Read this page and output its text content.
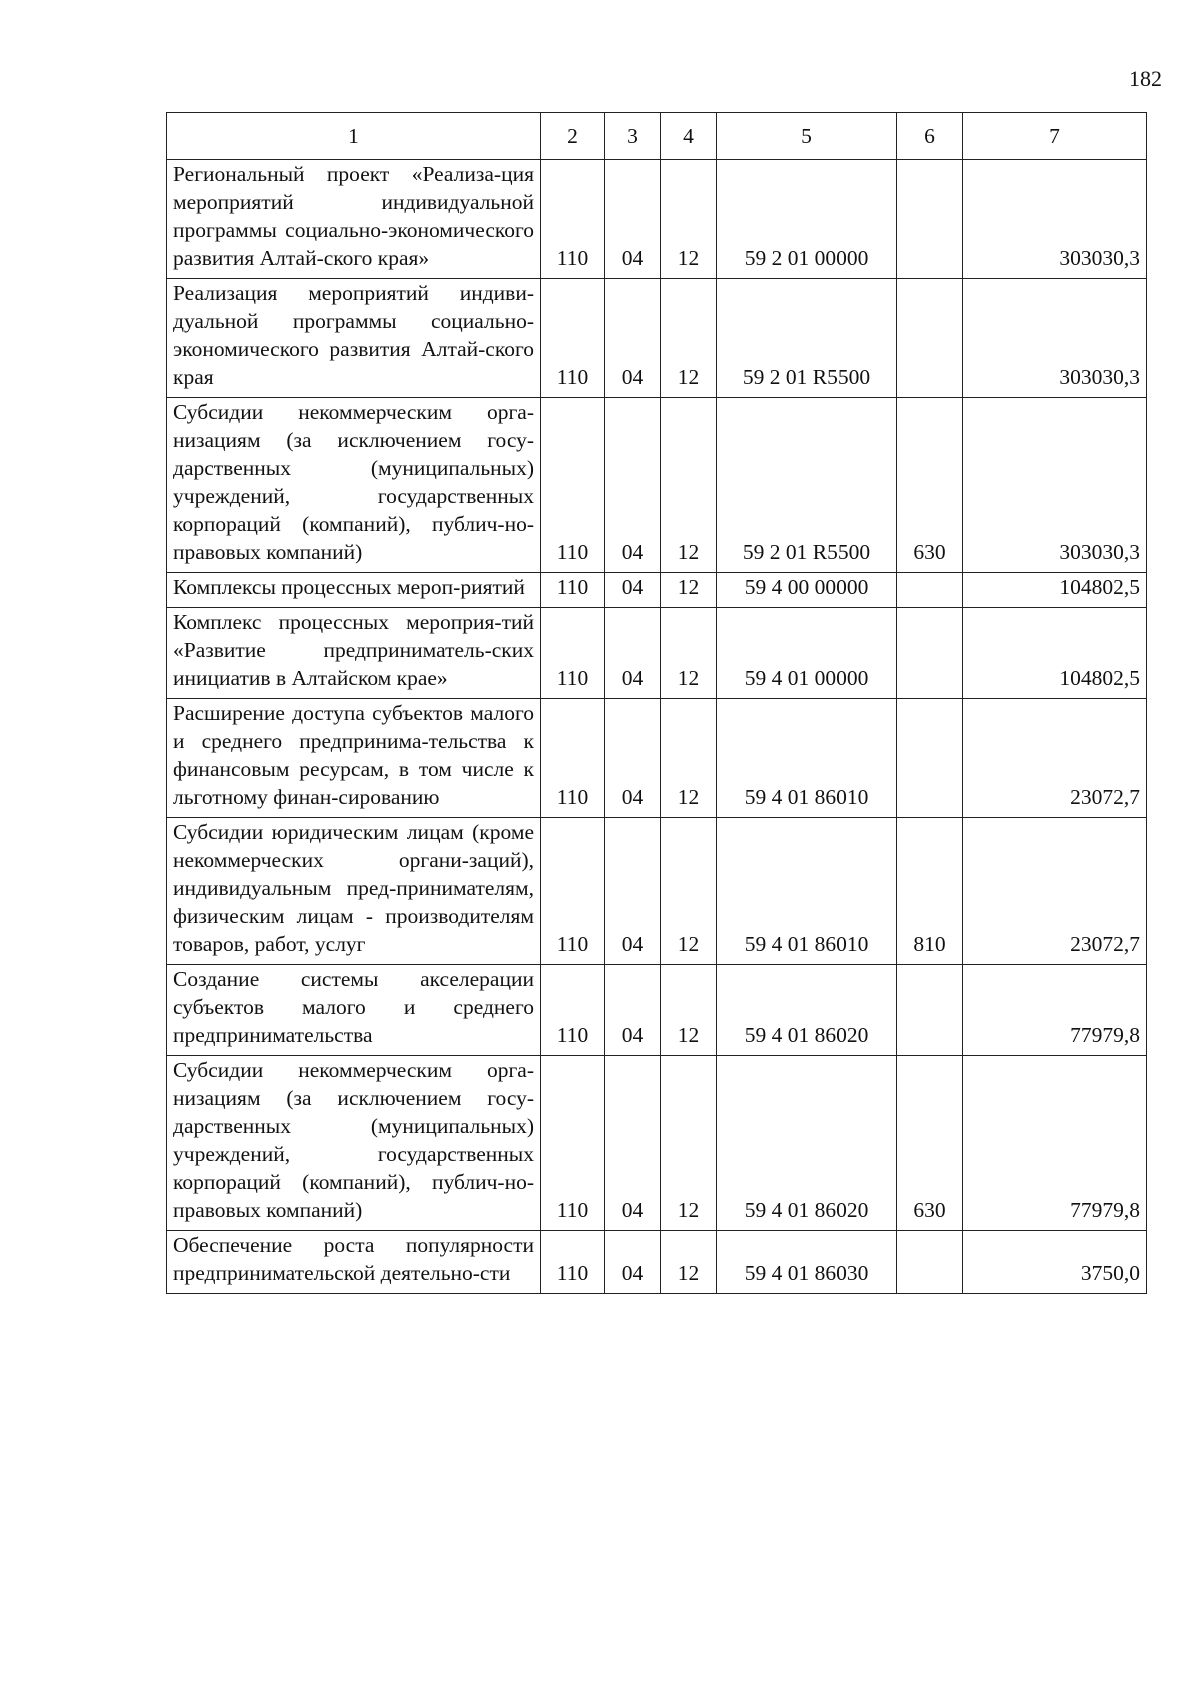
182
1	2	3	4	5	6	7
Региональный проект «Реализа-ция мероприятий индивидуальной программы социально-экономического развития Алтай-ского края»	110	04	12	59 2 01 00000		303030,3
Реализация мероприятий индиви-дуальной программы социально-экономического развития Алтай-ского края	110	04	12	59 2 01 R5500		303030,3
Субсидии некоммерческим орга-низациям (за исключением госу-дарственных (муниципальных) учреждений, государственных корпораций (компаний), публич-но-правовых компаний)	110	04	12	59 2 01 R5500	630	303030,3
Комплексы процессных мероп-риятий	110	04	12	59 4 00 00000		104802,5
Комплекс процессных мероприя-тий «Развитие предприниматель-ских инициатив в Алтайском крае»	110	04	12	59 4 01 00000		104802,5
Расширение доступа субъектов малого и среднего предпринима-тельства к финансовым ресурсам, в том числе к льготному финан-сированию	110	04	12	59 4 01 86010		23072,7
Субсидии юридическим лицам (кроме некоммерческих органи-заций), индивидуальным пред-принимателям, физическим лицам - производителям товаров, работ, услуг	110	04	12	59 4 01 86010	810	23072,7
Создание системы акселерации субъектов малого и среднего предпринимательства	110	04	12	59 4 01 86020		77979,8
Субсидии некоммерческим орга-низациям (за исключением госу-дарственных (муниципальных) учреждений, государственных корпораций (компаний), публич-но-правовых компаний)	110	04	12	59 4 01 86020	630	77979,8
Обеспечение роста популярности предпринимательской деятельно-сти	110	04	12	59 4 01 86030		3750,0
